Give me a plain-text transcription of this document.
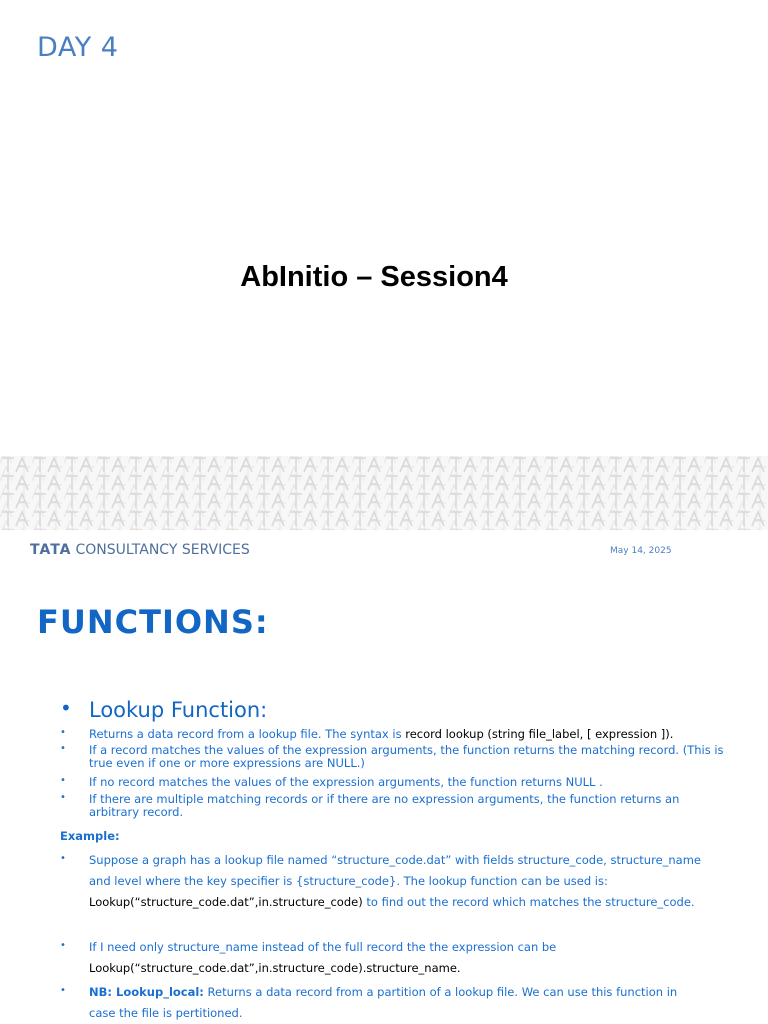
DAY 4
AbInitio – Session4
TATA CONSULTANCY SERVICES	May 14, 2025
FUNCTIONS:
• Lookup Function:
• Returns a data record from a lookup file. The syntax is record lookup (string file_label, [ expression ]).
• If a record matches the values of the expression arguments, the function returns the matching record. (This is true even if one or more expressions are NULL.)
• If no record matches the values of the expression arguments, the function returns NULL .
• If there are multiple matching records or if there are no expression arguments, the function returns an arbitrary record.
Example:
• Suppose a graph has a lookup file named “structure_code.dat” with fields structure_code, structure_name and level where the key specifier is {structure_code}. The lookup function can be used is: Lookup(“structure_code.dat”,in.structure_code) to find out the record which matches the structure_code.
• If I need only structure_name instead of the full record the the expression can be Lookup(“structure_code.dat”,in.structure_code).structure_name.
• NB: Lookup_local: Returns a data record from a partition of a lookup file. We can use this function in case the file is pertitioned.
